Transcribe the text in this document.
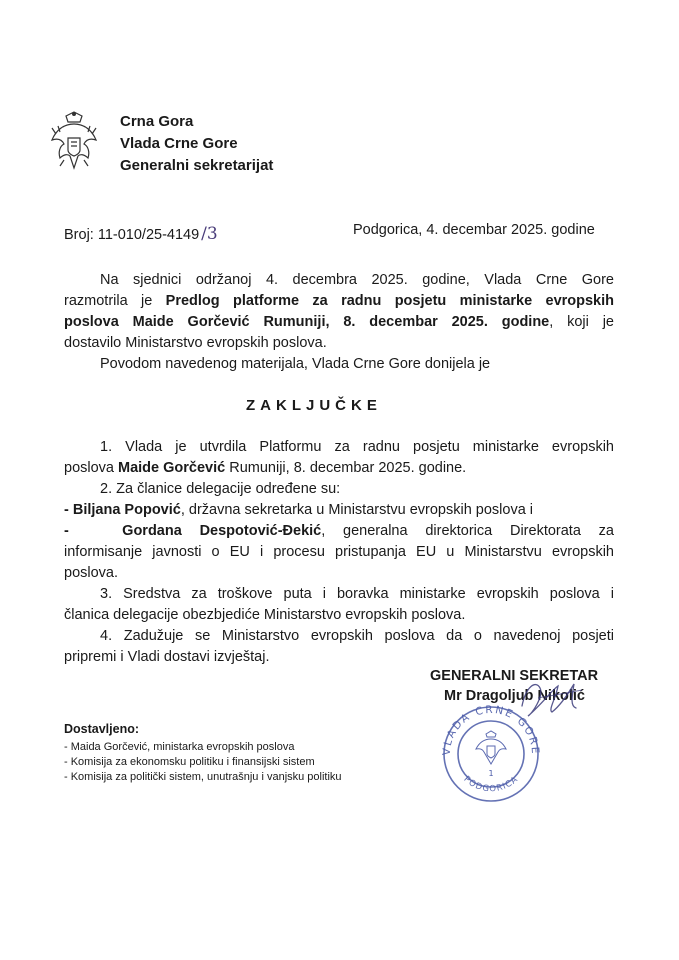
Crna Gora
Vlada Crne Gore
Generalni sekretarijat
Broj: 11-010/25-4149 /3	Podgorica, 4. decembar 2025. godine
Na sjednici održanoj 4. decembra 2025. godine, Vlada Crne Gore
razmotrila je Predlog platforme za radnu posjetu ministarke evropskih
poslova Maide Gorčević Rumuniji, 8. decembar 2025. godine, koji je
dostavilo Ministarstvo evropskih poslova.
Povodom navedenog materijala, Vlada Crne Gore donijela je
ZAKLJUČKE
1. Vlada je utvrdila Platformu za radnu posjetu ministarke evropskih
poslova Maide Gorčević Rumuniji, 8. decembar 2025. godine.
2. Za članice delegacije određene su:
- Biljana Popović, državna sekretarka u Ministarstvu evropskih poslova i
-	Gordana Despotović-Đekić, generalna direktorica Direktorata za
informisanje javnosti o EU i procesu pristupanja EU u Ministarstvu evropskih
poslova.
3. Sredstva za troškove puta i boravka ministarke evropskih poslova i
članica delegacije obezbjediće Ministarstvo evropskih poslova.
4. Zadužuje se Ministarstvo evropskih poslova da o navedenoj posjeti
pripremi i Vladi dostavi izvještaj.
GENERALNI SEKRETAR
Mr Dragoljub Nikolić
VLADA CRNE GORE
PODGORICA
1
Dostavljeno:
- Maida Gorčević, ministarka evropskih poslova
- Komisija za ekonomsku politiku i finansijski sistem
- Komisija za politički sistem, unutrašnju i vanjsku politiku
